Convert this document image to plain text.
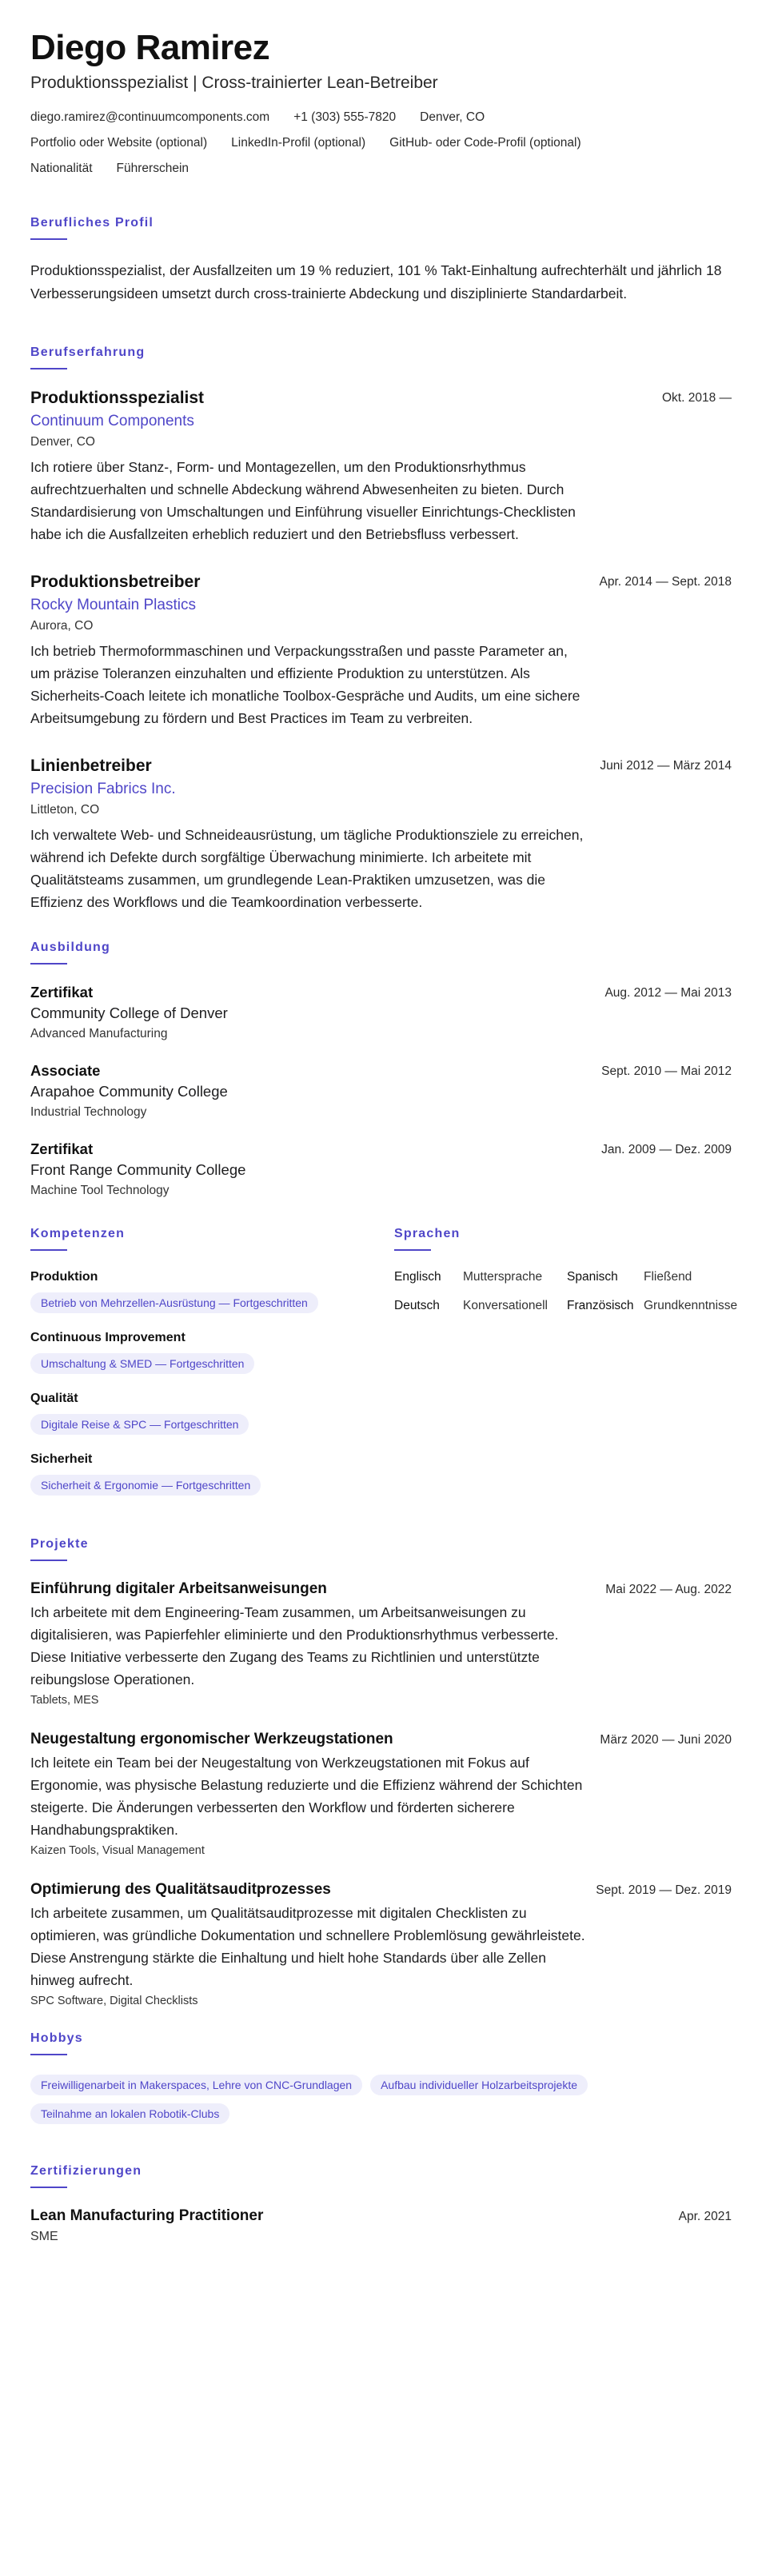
Diego Ramirez
Produktionsspezialist | Cross-trainierter Lean-Betreiber
diego.ramirez@continuumcomponents.com +1 (303) 555-7820 Denver, CO
Portfolio oder Website (optional) LinkedIn-Profil (optional) GitHub- oder Code-Profil (optional)
Nationalität Führerschein
Berufliches Profil

Produktionsspezialist, der Ausfallzeiten um 19 % reduziert, 101 % Takt-Einhaltung aufrechterhält und jährlich 18 Verbesserungsideen umsetzt durch cross-trainierte Abdeckung und disziplinierte Standardarbeit.

Berufserfahrung
Produktionsspezialist	Okt. 2018 —
Continuum Components
Denver, CO

Ich rotiere über Stanz-, Form- und Montagezellen, um den Produktionsrhythmus aufrechtzuerhalten und schnelle Abdeckung während Abwesenheiten zu bieten. Durch Standardisierung von Umschaltungen und Einführung visueller Einrichtungs-Checklisten habe ich die Ausfallzeiten erheblich reduziert und den Betriebsfluss verbessert.

Produktionsbetreiber	Apr. 2014 — Sept. 2018
Rocky Mountain Plastics
Aurora, CO

Ich betrieb Thermoformmaschinen und Verpackungsstraßen und passte Parameter an, um präzise Toleranzen einzuhalten und effiziente Produktion zu unterstützen. Als Sicherheits-Coach leitete ich monatliche Toolbox-Gespräche und Audits, um eine sichere Arbeitsumgebung zu fördern und Best Practices im Team zu verbreiten.

Linienbetreiber	Juni 2012 — März 2014
Precision Fabrics Inc.
Littleton, CO

Ich verwaltete Web- und Schneideausrüstung, um tägliche Produktionsziele zu erreichen, während ich Defekte durch sorgfältige Überwachung minimierte. Ich arbeitete mit Qualitätsteams zusammen, um grundlegende Lean-Praktiken umzusetzen, was die Effizienz des Workflows und die Teamkoordination verbesserte.

Ausbildung
Zertifikat	Aug. 2012 — Mai 2013
Community College of Denver
Advanced Manufacturing
Associate	Sept. 2010 — Mai 2012
Arapahoe Community College
Industrial Technology
Zertifikat	Jan. 2009 — Dez. 2009
Front Range Community College
Machine Tool Technology
Kompetenzen
Produktion
Betrieb von Mehrzellen-Ausrüstung — Fortgeschritten
Continuous Improvement
Umschaltung & SMED — Fortgeschritten
Qualität
Digitale Reise & SPC — Fortgeschritten
Sicherheit
Sicherheit & Ergonomie — Fortgeschritten
Sprachen
Englisch	Muttersprache	Spanisch	Fließend
Deutsch	Konversationell	Französisch Grundkenntnisse
Projekte
Einführung digitaler Arbeitsanweisungen	Mai 2022 — Aug. 2022

Ich arbeitete mit dem Engineering-Team zusammen, um Arbeitsanweisungen zu digitalisieren, was Papierfehler eliminierte und den Produktionsrhythmus verbesserte. Diese Initiative verbesserte den Zugang des Teams zu Richtlinien und unterstützte reibungslose Operationen.

Tablets, MES
Neugestaltung ergonomischer Werkzeugstationen	März 2020 — Juni 2020

Ich leitete ein Team bei der Neugestaltung von Werkzeugstationen mit Fokus auf Ergonomie, was physische Belastung reduzierte und die Effizienz während der Schichten steigerte. Die Änderungen verbesserten den Workflow und förderten sicherere Handhabungspraktiken.

Kaizen Tools, Visual Management
Optimierung des Qualitätsauditprozesses	Sept. 2019 — Dez. 2019

Ich arbeitete zusammen, um Qualitätsauditprozesse mit digitalen Checklisten zu optimieren, was gründliche Dokumentation und schnellere Problemlösung gewährleistete. Diese Anstrengung stärkte die Einhaltung und hielt hohe Standards über alle Zellen hinweg aufrecht.

SPC Software, Digital Checklists
Hobbys
Freiwilligenarbeit in Makerspaces, Lehre von CNC-Grundlagen	Aufbau individueller Holzarbeitsprojekte
Teilnahme an lokalen Robotik-Clubs
Zertifizierungen
Lean Manufacturing Practitioner	Apr. 2021
SME
